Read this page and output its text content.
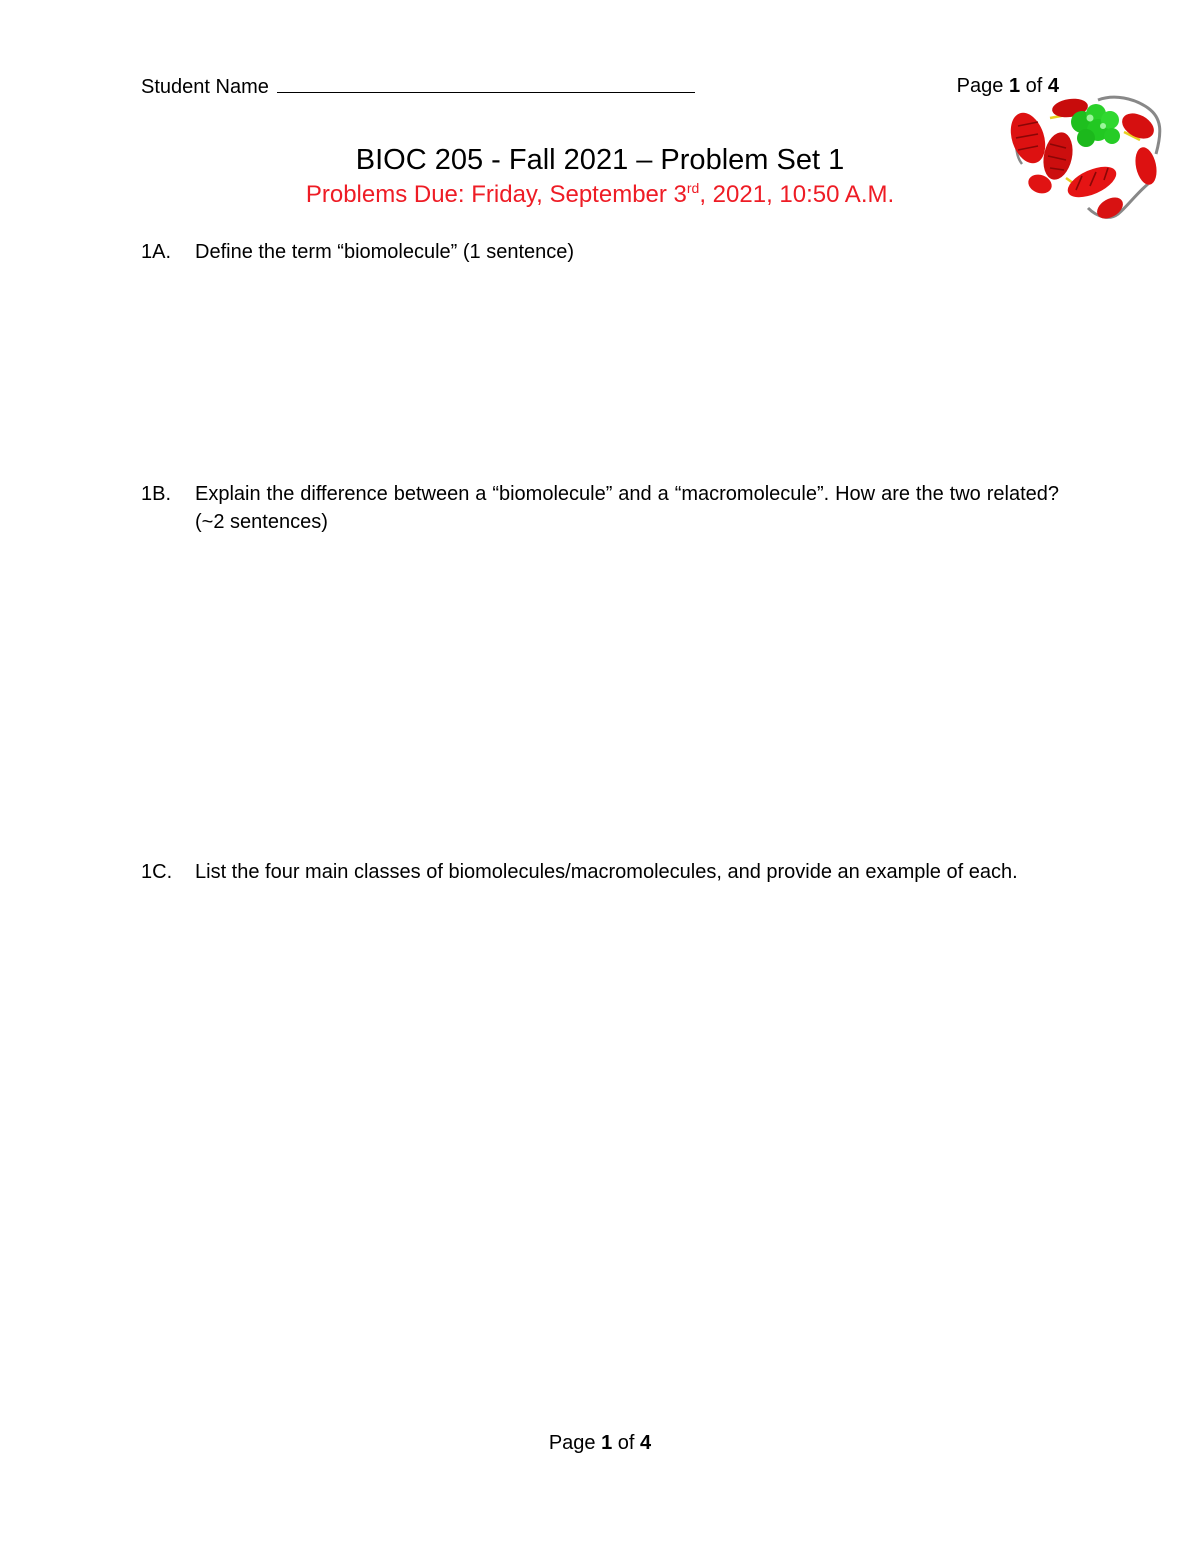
Student Name	Page 1 of 4
BIOC 205 - Fall 2021 – Problem Set 1
Problems Due: Friday, September 3rd, 2021, 10:50 A.M.
1A. Define the term “biomolecule” (1 sentence)
1B. Explain the difference between a “biomolecule” and a “macromolecule”. How are the two related? (~2 sentences)
1C. List the four main classes of biomolecules/macromolecules, and provide an example of each.
Page 1 of 4
